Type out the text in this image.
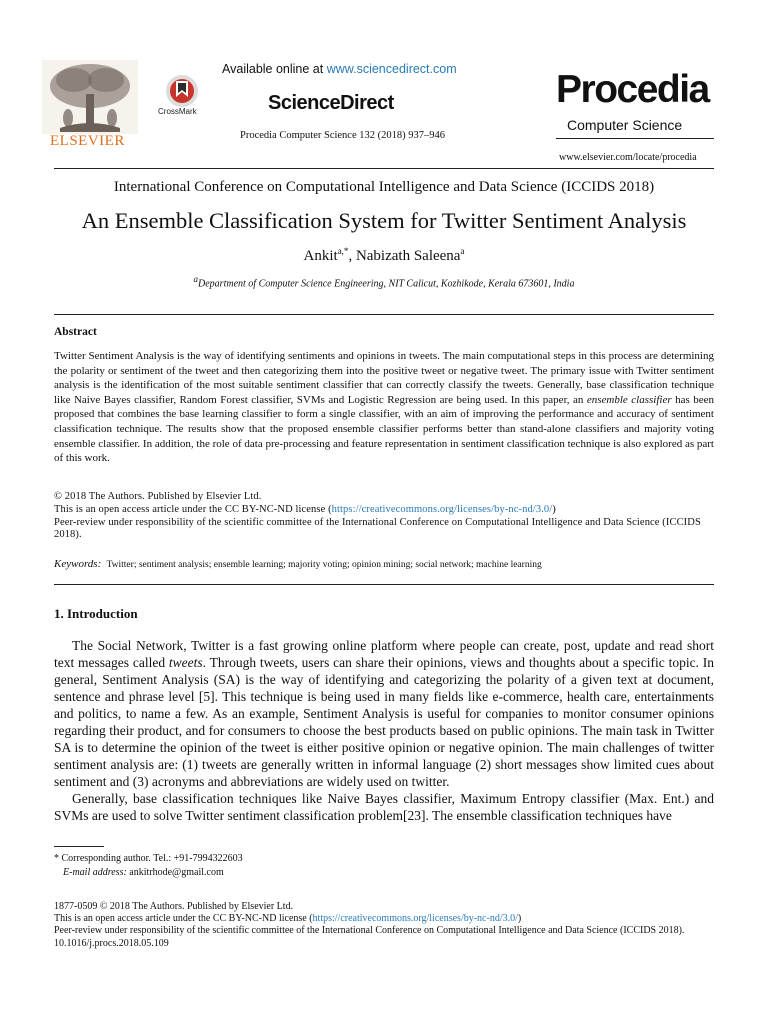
ELSEVIER
CrossMark
Available online at www.sciencedirect.com
ScienceDirect
Procedia Computer Science 132 (2018) 937–946
Procedia
Computer Science
www.elsevier.com/locate/procedia
International Conference on Computational Intelligence and Data Science (ICCIDS 2018)
An Ensemble Classification System for Twitter Sentiment Analysis
Ankit$^{a,*}$, Nabizath Saleena$^a$
$^a$Department of Computer Science Engineering, NIT Calicut, Kozhikode, Kerala 673601, India
Abstract
Twitter Sentiment Analysis is the way of identifying sentiments and opinions in tweets. The main computational steps in this process are determining the polarity or sentiment of the tweet and then categorizing them into the positive tweet or negative tweet. The primary issue with Twitter sentiment analysis is the identification of the most suitable sentiment classifier that can correctly classify the tweets. Generally, base classification technique like Naive Bayes classifier, Random Forest classifier, SVMs and Logistic Regression are being used. In this paper, an ensemble classifier has been proposed that combines the base learning classifier to form a single classifier, with an aim of improving the performance and accuracy of sentiment classification technique. The results show that the proposed ensemble classifier performs better than stand-alone classifiers and majority voting ensemble classifier. In addition, the role of data pre-processing and feature representation in sentiment classification technique is also explored as part of this work.
© 2018 The Authors. Published by Elsevier Ltd.
This is an open access article under the CC BY-NC-ND license (https://creativecommons.org/licenses/by-nc-nd/3.0/)
Peer-review under responsibility of the scientific committee of the International Conference on Computational Intelligence and Data Science (ICCIDS 2018).
Keywords: Twitter; sentiment analysis; ensemble learning; majority voting; opinion mining; social network; machine learning
1. Introduction

The Social Network, Twitter is a fast growing online platform where people can create, post, update and read short text messages called tweets. Through tweets, users can share their opinions, views and thoughts about a specific topic. In general, Sentiment Analysis (SA) is the way of identifying and categorizing the polarity of a given text at document, sentence and phrase level [5]. This technique is being used in many fields like e-commerce, health care, entertainments and politics, to name a few. As an example, Sentiment Analysis is useful for companies to monitor consumer opinions regarding their product, and for consumers to choose the best products based on public opinions. The main task in Twitter SA is to determine the opinion of the tweet is either positive opinion or negative opinion. The main challenges of twitter sentiment analysis are: (1) tweets are generally written in informal language (2) short messages show limited cues about sentiment and (3) acronyms and abbreviations are widely used on twitter.

Generally, base classification techniques like Naive Bayes classifier, Maximum Entropy classifier (Max. Ent.) and SVMs are used to solve Twitter sentiment classification problem[23]. The ensemble classification techniques have

* Corresponding author. Tel.: +91-7994322603
E-mail address: ankitrhode@gmail.com
1877-0509 © 2018 The Authors. Published by Elsevier Ltd.
This is an open access article under the CC BY-NC-ND license (https://creativecommons.org/licenses/by-nc-nd/3.0/)
Peer-review under responsibility of the scientific committee of the International Conference on Computational Intelligence and Data Science (ICCIDS 2018).
10.1016/j.procs.2018.05.109
